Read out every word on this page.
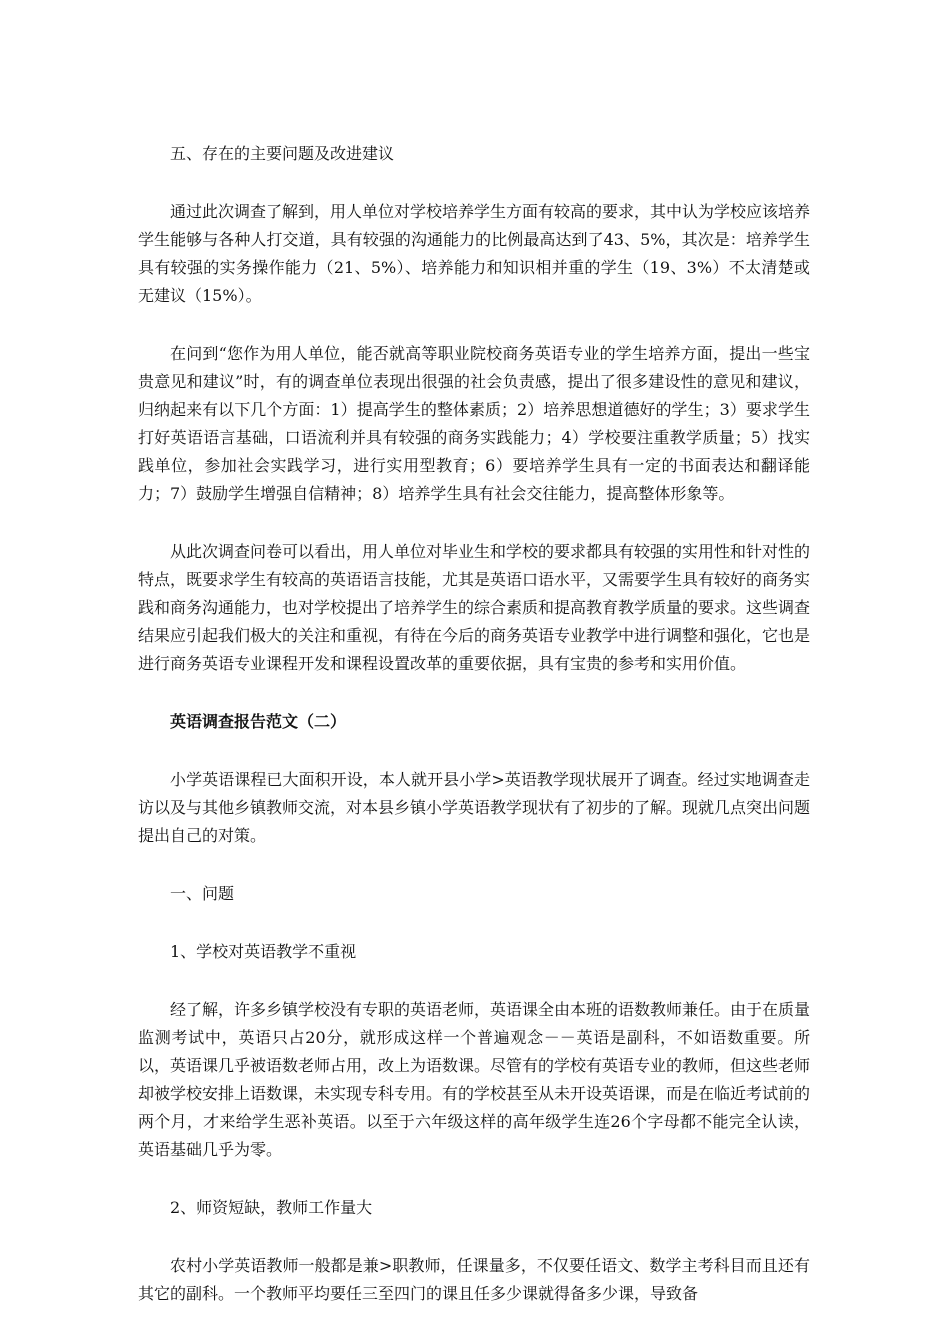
五、存在的主要问题及改进建议

通过此次调查了解到，用人单位对学校培养学生方面有较高的要求，其中认为学校应该培养学生能够与各种人打交道，具有较强的沟通能力的比例最高达到了43、5%，其次是：培养学生具有较强的实务操作能力（21、5%）、培养能力和知识相并重的学生（19、3%）不太清楚或无建议（15%）。

在问到“您作为用人单位，能否就高等职业院校商务英语专业的学生培养方面，提出一些宝贵意见和建议”时，有的调查单位表现出很强的社会负责感，提出了很多建设性的意见和建议，归纳起来有以下几个方面：1）提高学生的整体素质；2）培养思想道德好的学生；3）要求学生打好英语语言基础，口语流利并具有较强的商务实践能力；4）学校要注重教学质量；5）找实践单位，参加社会实践学习，进行实用型教育；6）要培养学生具有一定的书面表达和翻译能力；7）鼓励学生增强自信精神；8）培养学生具有社会交往能力，提高整体形象等。

从此次调查问卷可以看出，用人单位对毕业生和学校的要求都具有较强的实用性和针对性的特点，既要求学生有较高的英语语言技能，尤其是英语口语水平，又需要学生具有较好的商务实践和商务沟通能力，也对学校提出了培养学生的综合素质和提高教育教学质量的要求。这些调查结果应引起我们极大的关注和重视，有待在今后的商务英语专业教学中进行调整和强化，它也是进行商务英语专业课程开发和课程设置改革的重要依据，具有宝贵的参考和实用价值。

英语调查报告范文（二）

小学英语课程已大面积开设，本人就开县小学>英语教学现状展开了调查。经过实地调查走访以及与其他乡镇教师交流，对本县乡镇小学英语教学现状有了初步的了解。现就几点突出问题提出自己的对策。

一、问题

1、学校对英语教学不重视

经了解，许多乡镇学校没有专职的英语老师，英语课全由本班的语数教师兼任。由于在质量监测考试中，英语只占20分，就形成这样一个普遍观念－－英语是副科，不如语数重要。所以，英语课几乎被语数老师占用，改上为语数课。尽管有的学校有英语专业的教师，但这些老师却被学校安排上语数课，未实现专科专用。有的学校甚至从未开设英语课，而是在临近考试前的两个月，才来给学生恶补英语。以至于六年级这样的高年级学生连26个字母都不能完全认读，英语基础几乎为零。

2、师资短缺，教师工作量大

农村小学英语教师一般都是兼>职教师，任课量多，不仅要任语文、数学主考科目而且还有其它的副科。一个教师平均要任三至四门的课且任多少课就得备多少课，导致备
